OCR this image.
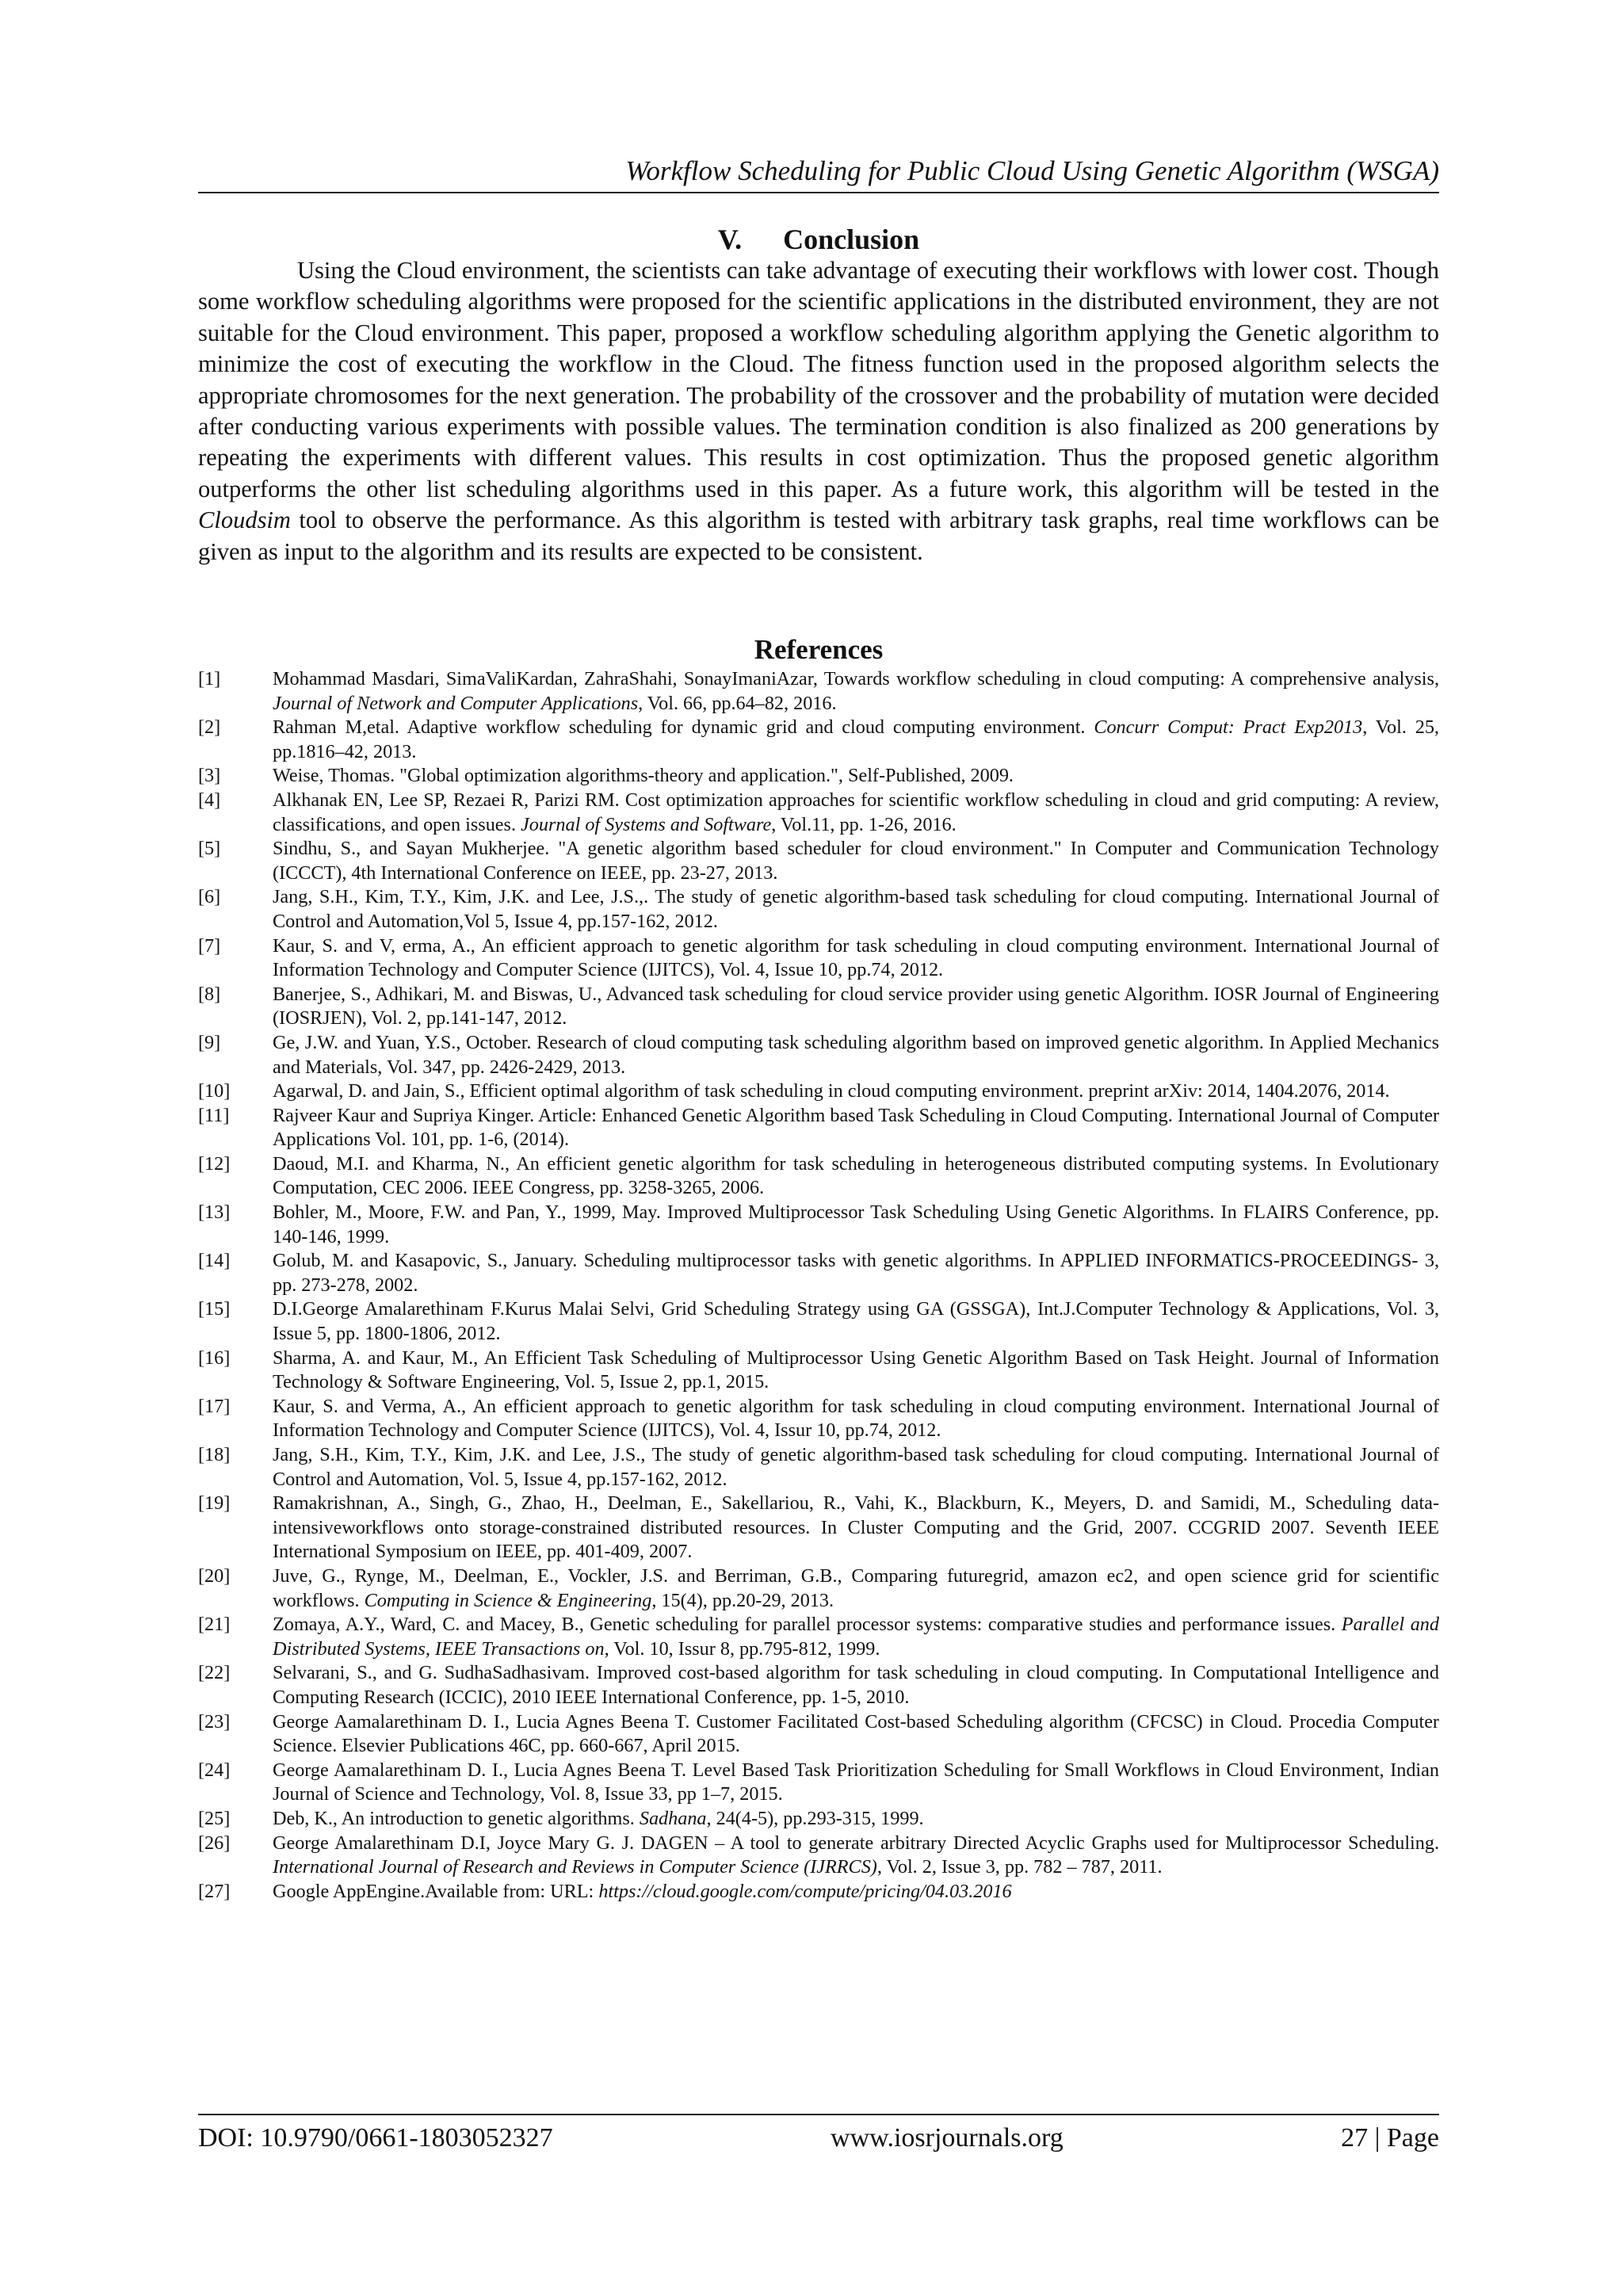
Workflow Scheduling for Public Cloud Using Genetic Algorithm (WSGA)
V. Conclusion

Using the Cloud environment, the scientists can take advantage of executing their workflows with lower cost. Though some workflow scheduling algorithms were proposed for the scientific applications in the distributed environment, they are not suitable for the Cloud environment. This paper, proposed a workflow scheduling algorithm applying the Genetic algorithm to minimize the cost of executing the workflow in the Cloud. The fitness function used in the proposed algorithm selects the appropriate chromosomes for the next generation. The probability of the crossover and the probability of mutation were decided after conducting various experiments with possible values. The termination condition is also finalized as 200 generations by repeating the experiments with different values. This results in cost optimization. Thus the proposed genetic algorithm outperforms the other list scheduling algorithms used in this paper. As a future work, this algorithm will be tested in the Cloudsim tool to observe the performance. As this algorithm is tested with arbitrary task graphs, real time workflows can be given as input to the algorithm and its results are expected to be consistent.

References
[1]	Mohammad Masdari, SimaValiKardan, ZahraShahi, SonayImaniAzar, Towards workflow scheduling in cloud computing: A comprehensive analysis, Journal of Network and Computer Applications, Vol. 66, pp.64–82, 2016.
[2]	Rahman M,etal. Adaptive workflow scheduling for dynamic grid and cloud computing environment. Concurr Comput: Pract Exp2013, Vol. 25, pp.1816–42, 2013.
[3]	Weise, Thomas. "Global optimization algorithms-theory and application.", Self-Published, 2009.
[4]	Alkhanak EN, Lee SP, Rezaei R, Parizi RM. Cost optimization approaches for scientific workflow scheduling in cloud and grid computing: A review, classifications, and open issues. Journal of Systems and Software, Vol.11, pp. 1-26, 2016.
[5]	Sindhu, S., and Sayan Mukherjee. "A genetic algorithm based scheduler for cloud environment." In Computer and Communication Technology (ICCCT), 4th International Conference on IEEE, pp. 23-27, 2013.
[6]	Jang, S.H., Kim, T.Y., Kim, J.K. and Lee, J.S.,. The study of genetic algorithm-based task scheduling for cloud computing. International Journal of Control and Automation,Vol 5, Issue 4, pp.157-162, 2012.
[7]	Kaur, S. and V, erma, A., An efficient approach to genetic algorithm for task scheduling in cloud computing environment. International Journal of Information Technology and Computer Science (IJITCS), Vol. 4, Issue 10, pp.74, 2012.
[8]	Banerjee, S., Adhikari, M. and Biswas, U., Advanced task scheduling for cloud service provider using genetic Algorithm. IOSR Journal of Engineering (IOSRJEN), Vol. 2, pp.141-147, 2012.
[9]	Ge, J.W. and Yuan, Y.S., October. Research of cloud computing task scheduling algorithm based on improved genetic algorithm. In Applied Mechanics and Materials, Vol. 347, pp. 2426-2429, 2013.
[10]	Agarwal, D. and Jain, S., Efficient optimal algorithm of task scheduling in cloud computing environment. preprint arXiv: 2014, 1404.2076, 2014.
[11]	Rajveer Kaur and Supriya Kinger. Article: Enhanced Genetic Algorithm based Task Scheduling in Cloud Computing. International Journal of Computer Applications Vol. 101, pp. 1-6, (2014).
[12]	Daoud, M.I. and Kharma, N., An efficient genetic algorithm for task scheduling in heterogeneous distributed computing systems. In Evolutionary Computation, CEC 2006. IEEE Congress, pp. 3258-3265, 2006.
[13]	Bohler, M., Moore, F.W. and Pan, Y., 1999, May. Improved Multiprocessor Task Scheduling Using Genetic Algorithms. In FLAIRS Conference, pp. 140-146, 1999.
[14]	Golub, M. and Kasapovic, S., January. Scheduling multiprocessor tasks with genetic algorithms. In APPLIED INFORMATICS-PROCEEDINGS- 3, pp. 273-278, 2002.
[15]	D.I.George Amalarethinam F.Kurus Malai Selvi, Grid Scheduling Strategy using GA (GSSGA), Int.J.Computer Technology & Applications, Vol. 3, Issue 5, pp. 1800-1806, 2012.
[16]	Sharma, A. and Kaur, M., An Efficient Task Scheduling of Multiprocessor Using Genetic Algorithm Based on Task Height. Journal of Information Technology & Software Engineering, Vol. 5, Issue 2, pp.1, 2015.
[17]	Kaur, S. and Verma, A., An efficient approach to genetic algorithm for task scheduling in cloud computing environment. International Journal of Information Technology and Computer Science (IJITCS), Vol. 4, Issur 10, pp.74, 2012.
[18]	Jang, S.H., Kim, T.Y., Kim, J.K. and Lee, J.S., The study of genetic algorithm-based task scheduling for cloud computing. International Journal of Control and Automation, Vol. 5, Issue 4, pp.157-162, 2012.
[19]	Ramakrishnan, A., Singh, G., Zhao, H., Deelman, E., Sakellariou, R., Vahi, K., Blackburn, K., Meyers, D. and Samidi, M., Scheduling data-intensiveworkflows onto storage-constrained distributed resources. In Cluster Computing and the Grid, 2007. CCGRID 2007. Seventh IEEE International Symposium on IEEE, pp. 401-409, 2007.
[20]	Juve, G., Rynge, M., Deelman, E., Vockler, J.S. and Berriman, G.B., Comparing futuregrid, amazon ec2, and open science grid for scientific workflows. Computing in Science & Engineering, 15(4), pp.20-29, 2013.
[21]	Zomaya, A.Y., Ward, C. and Macey, B., Genetic scheduling for parallel processor systems: comparative studies and performance issues. Parallel and Distributed Systems, IEEE Transactions on, Vol. 10, Issur 8, pp.795-812, 1999.
[22]	Selvarani, S., and G. SudhaSadhasivam. Improved cost-based algorithm for task scheduling in cloud computing. In Computational Intelligence and Computing Research (ICCIC), 2010 IEEE International Conference, pp. 1-5, 2010.
[23]	George Aamalarethinam D. I., Lucia Agnes Beena T. Customer Facilitated Cost-based Scheduling algorithm (CFCSC) in Cloud. Procedia Computer Science. Elsevier Publications 46C, pp. 660-667, April 2015.
[24]	George Aamalarethinam D. I., Lucia Agnes Beena T. Level Based Task Prioritization Scheduling for Small Workflows in Cloud Environment, Indian Journal of Science and Technology, Vol. 8, Issue 33, pp 1–7, 2015.
[25]	Deb, K., An introduction to genetic algorithms. Sadhana, 24(4-5), pp.293-315, 1999.
[26]	George Amalarethinam D.I, Joyce Mary G. J. DAGEN – A tool to generate arbitrary Directed Acyclic Graphs used for Multiprocessor Scheduling. International Journal of Research and Reviews in Computer Science (IJRRCS), Vol. 2, Issue 3, pp. 782 – 787, 2011.
[27]	Google AppEngine.Available from: URL: https://cloud.google.com/compute/pricing/04.03.2016
DOI: 10.9790/0661-1803052327	www.iosrjournals.org	27 | Page
